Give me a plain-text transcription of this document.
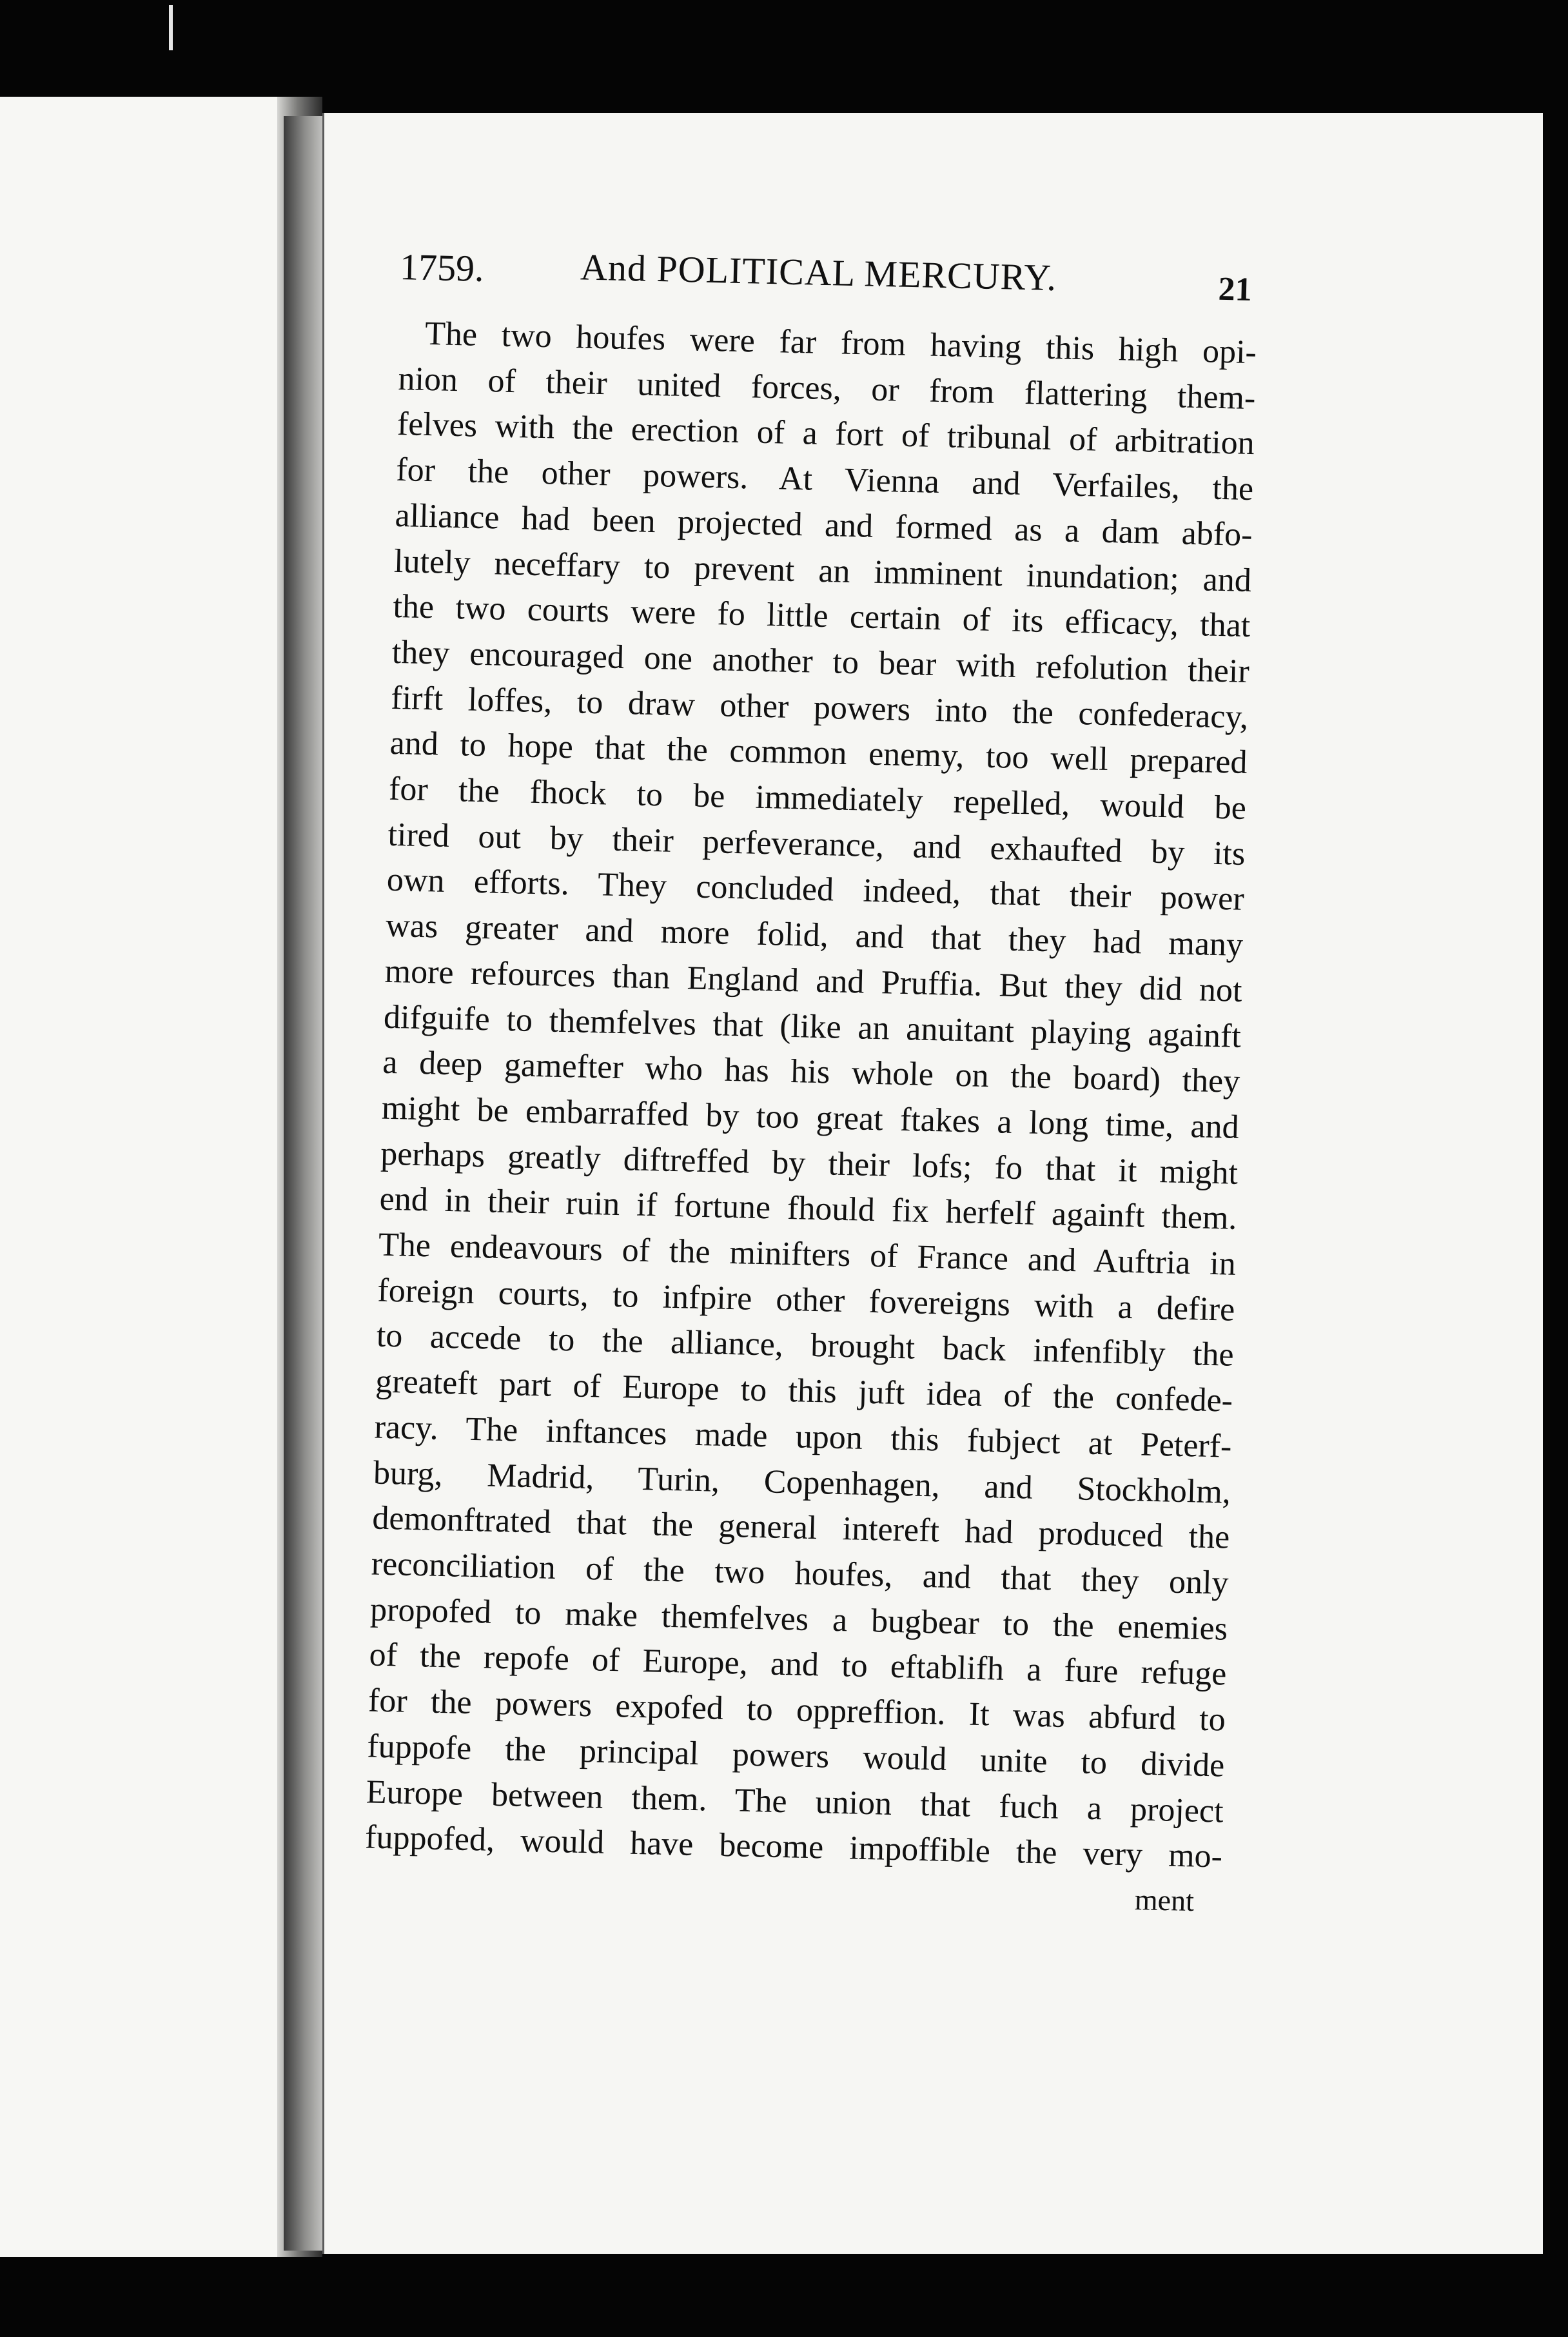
1759.	And POLITICAL MERCURY.	21
The two houfes were far from having this high opi-
nion of their united forces, or from flattering them-
felves with the erection of a fort of tribunal of arbitration
for the other powers. At Vienna and Verfailes, the
alliance had been projected and formed as a dam abfo-
lutely neceffary to prevent an imminent inundation; and
the two courts were fo little certain of its efficacy, that
they encouraged one another to bear with refolution their
firft loffes, to draw other powers into the confederacy,
and to hope that the common enemy, too well prepared
for the fhock to be immediately repelled, would be
tired out by their perfeverance, and exhaufted by its
own efforts. They concluded indeed, that their power
was greater and more folid, and that they had many
more refources than England and Pruffia. But they did not
difguife to themfelves that (like an anuitant playing againft
a deep gamefter who has his whole on the board) they
might be embarraffed by too great ftakes a long time, and
perhaps greatly diftreffed by their lofs; fo that it might
end in their ruin if fortune fhould fix herfelf againft them.
The endeavours of the minifters of France and Auftria in
foreign courts, to infpire other fovereigns with a defire
to accede to the alliance, brought back infenfibly the
greateft part of Europe to this juft idea of the confede-
racy. The inftances made upon this fubject at Peterf-
burg, Madrid, Turin, Copenhagen, and Stockholm,
demonftrated that the general intereft had produced the
reconciliation of the two houfes, and that they only
propofed to make themfelves a bugbear to the enemies
of the repofe of Europe, and to eftablifh a fure refuge
for the powers expofed to oppreffion. It was abfurd to
fuppofe the principal powers would unite to divide
Europe between them. The union that fuch a project
fuppofed, would have become impoffible the very mo-
ment
